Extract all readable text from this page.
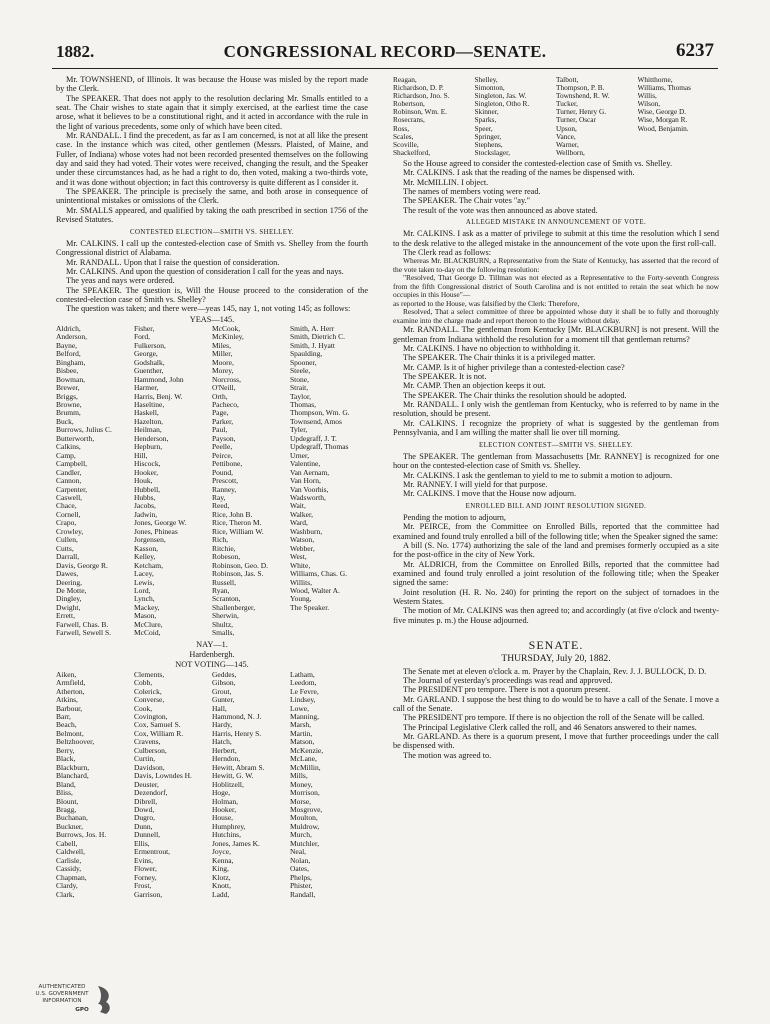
1882.	CONGRESSIONAL RECORD—SENATE.	6237

Mr. TOWNSHEND, of Illinois. It was because the House was misled by the report made by the Clerk.

The SPEAKER. That does not apply to the resolution declaring Mr. Smalls entitled to a seat. The Chair wishes to state again that it simply exercised, at the earliest time the case arose, what it believes to be a constitutional right, and it acted in accordance with the rule in the light of various precedents, some only of which have been cited.

Mr. RANDALL. I find the precedent, as far as I am concerned, is not at all like the present case. In the instance which was cited, other gentlemen (Messrs. Plaisted, of Maine, and Fuller, of Indiana) whose votes had not been recorded presented themselves on the following day and said they had voted. Their votes were received, changing the result, and the Speaker under these circumstances had, as he had a right to do, then voted, making a two-thirds vote, and it was done without objection; in fact this controversy is quite different as I consider it.

The SPEAKER. The principle is precisely the same, and both arose in consequence of unintentional mistakes or omissions of the Clerk.

Mr. SMALLS appeared, and qualified by taking the oath prescribed in section 1756 of the Revised Statutes.

CONTESTED ELECTION—SMITH VS. SHELLEY.

Mr. CALKINS. I call up the contested-election case of Smith vs. Shelley from the fourth Congressional district of Alabama.

Mr. RANDALL. Upon that I raise the question of consideration.

Mr. CALKINS. And upon the question of consideration I call for the yeas and nays.

The yeas and nays were ordered.

The SPEAKER. The question is, Will the House proceed to the consideration of the contested-election case of Smith vs. Shelley?

The question was taken; and there were—yeas 145, nay 1, not voting 145; as follows:

YEAS—145.

Aldrich,	Fisher,	McCook,	Smith, A. Herr
Anderson,	Ford,	McKinley,	Smith, Dietrich C.
Bayne,	Fulkerson,	Miles,	Smith, J. Hyatt
Belford,	George,	Miller,	Spaulding,
Bingham,	Godshalk,	Moore,	Spooner,
Bisbee,	Guenther,	Morey,	Steele,
Bowman,	Hammond, John	Norcross,	Stone,
Brewer,	Harmer,	O'Neill,	Strait,
Briggs,	Harris, Benj. W.	Orth,	Taylor,
Browne,	Haseltine,	Pacheco,	Thomas,
Brumm,	Haskell,	Page,	Thompson, Wm. G.
Buck,	Hazelton,	Parker,	Townsend, Amos
Burrows, Julius C.	Heilman,	Paul,	Tyler,
Butterworth,	Henderson,	Payson,	Updegraff, J. T.
Calkins,	Hepburn,	Peelle,	Updegraff, Thomas
Camp,	Hill,	Peirce,	Urner,
Campbell,	Hiscock,	Pettibone,	Valentine,
Candler,	Hooker,	Pound,	Van Aernam,
Cannon,	Houk,	Prescott,	Van Horn,
Carpenter,	Hubbell,	Ranney,	Van Voorhis,
Caswell,	Hubbs,	Ray,	Wadsworth,
Chace,	Jacobs,	Reed,	Wait,
Cornell,	Jadwin,	Rice, John B.	Walker,
Crapo,	Jones, George W.	Rice, Theron M.	Ward,
Crowley,	Jones, Phineas	Rice, William W.	Washburn,
Cullen,	Jorgensen,	Rich,	Watson,
Cutts,	Kasson,	Ritchie,	Webber,
Darrall,	Kelley,	Robeson,	West,
Davis, George R.	Ketcham,	Robinson, Geo. D.	White,
Dawes,	Lacey,	Robinson, Jas. S.	Williams, Chas. G.
Deering,	Lewis,	Russell,	Willits,
De Motte,	Lord,	Ryan,	Wood, Walter A.
Dingley,	Lynch,	Scranton,	Young,
Dwight,	Mackey,	Shallenberger,	The Speaker.
Errett,	Mason,	Sherwin,
Farwell, Chas. B.	McClure,	Shultz,
Farwell, Sewell S.	McCoid,	Smalls,

NAY—1.

Hardenbergh.

NOT VOTING—145.

Aiken,	Clements,	Geddes,	Latham,
Armfield,	Cobb,	Gibson,	Leedom,
Atherton,	Colerick,	Grout,	Le Fevre,
Atkins,	Converse,	Gunter,	Lindsey,
Barbour,	Cook,	Hall,	Lowe,
Barr,	Covington,	Hammond, N. J.	Manning,
Beach,	Cox, Samuel S.	Hardy,	Marsh,
Belmont,	Cox, William R.	Harris, Henry S.	Martin,
Beltzhoover,	Cravens,	Hatch,	Matson,
Berry,	Culberson,	Herbert,	McKenzie,
Black,	Curtin,	Herndon,	McLane,
Blackburn,	Davidson,	Hewitt, Abram S.	McMillin,
Blanchard,	Davis, Lowndes H.	Hewitt, G. W.	Mills,
Bland,	Deuster,	Hoblitzell,	Money,
Bliss,	Dezendorf,	Hoge,	Morrison,
Blount,	Dibrell,	Holman,	Morse,
Bragg,	Dowd,	Hooker,	Mosgrove,
Buchanan,	Dugro,	House,	Moulton,
Buckner,	Dunn,	Humphrey,	Muldrow,
Burrows, Jos. H.	Dunnell,	Hutchins,	Murch,
Cabell,	Ellis,	Jones, James K.	Mutchler,
Caldwell,	Ermentrout,	Joyce,	Neal,
Carlisle,	Evins,	Kenna,	Nolan,
Cassidy,	Flower,	King,	Oates,
Chapman,	Forney,	Klotz,	Phelps,
Clardy,	Frost,	Knott,	Phister,
Clark,	Garrison,	Ladd,	Randall,
Reagan,	Shelley,	Talbott,	Whitthorne,
Richardson, D. P.	Simonton,	Thompson, P. B.	Williams, Thomas
Richardson, Jno. S.	Singleton, Jas. W.	Townshend, R. W.	Willis,
Robertson,	Singleton, Otho R.	Tucker,	Wilson,
Robinson, Wm. E.	Skinner,	Turner, Henry G.	Wise, George D.
Rosecrans,	Sparks,	Turner, Oscar	Wise, Morgan R.
Ross,	Speer,	Upson,	Wood, Benjamin.
Scales,	Springer,	Vance,
Scoville,	Stephens,	Warner,
Shackelford,	Stockslager,	Wellborn,

So the House agreed to consider the contested-election case of Smith vs. Shelley.

Mr. CALKINS. I ask that the reading of the names be dispensed with.

Mr. McMILLIN. I object.

The names of members voting were read.

The SPEAKER. The Chair votes "ay."

The result of the vote was then announced as above stated.

ALLEGED MISTAKE IN ANNOUNCEMENT OF VOTE.

Mr. CALKINS. I ask as a matter of privilege to submit at this time the resolution which I send to the desk relative to the alleged mistake in the announcement of the vote upon the first roll-call.

The Clerk read as follows:

Whereas Mr. BLACKBURN, a Representative from the State of Kentucky, has asserted that the record of the vote taken to-day on the following resolution:

"Resolved, That George D. Tillman was not elected as a Representative to the Forty-seventh Congress from the fifth Congressional district of South Carolina and is not entitled to retain the seat which he now occupies in this House"—

as reported to the House, was falsified by the Clerk: Therefore,

Resolved, That a select committee of three be appointed whose duty it shall be to fully and thoroughly examine into the charge made and report thereon to the House without delay.

Mr. RANDALL. The gentleman from Kentucky [Mr. BLACKBURN] is not present. Will the gentleman from Indiana withhold the resolution for a moment till that gentleman returns?

Mr. CALKINS. I have no objection to withholding it.

The SPEAKER. The Chair thinks it is a privileged matter.

Mr. CAMP. Is it of higher privilege than a contested-election case?

The SPEAKER. It is not.

Mr. CAMP. Then an objection keeps it out.

The SPEAKER. The Chair thinks the resolution should be adopted.

Mr. RANDALL. I only wish the gentleman from Kentucky, who is referred to by name in the resolution, should be present.

Mr. CALKINS. I recognize the propriety of what is suggested by the gentleman from Pennsylvania, and I am willing the matter shall lie over till morning.

ELECTION CONTEST—SMITH VS. SHELLEY.

The SPEAKER. The gentleman from Massachusetts [Mr. RANNEY] is recognized for one hour on the contested-election case of Smith vs. Shelley.

Mr. CALKINS. I ask the gentleman to yield to me to submit a motion to adjourn.

Mr. RANNEY. I will yield for that purpose.

Mr. CALKINS. I move that the House now adjourn.

ENROLLED BILL AND JOINT RESOLUTION SIGNED.

Pending the motion to adjourn,

Mr. PEIRCE, from the Committee on Enrolled Bills, reported that the committee had examined and found truly enrolled a bill of the following title; when the Speaker signed the same:

A bill (S. No. 1774) authorizing the sale of the land and premises formerly occupied as a site for the post-office in the city of New York.

Mr. ALDRICH, from the Committee on Enrolled Bills, reported that the committee had examined and found truly enrolled a joint resolution of the following title; when the Speaker signed the same:

Joint resolution (H. R. No. 240) for printing the report on the subject of tornadoes in the Western States.

The motion of Mr. CALKINS was then agreed to; and accordingly (at five o'clock and twenty-five minutes p. m.) the House adjourned.

SENATE.
THURSDAY, July 20, 1882.

The Senate met at eleven o'clock a. m. Prayer by the Chaplain, Rev. J. J. BULLOCK, D. D.

The Journal of yesterday's proceedings was read and approved.

The PRESIDENT pro tempore. There is not a quorum present.

Mr. GARLAND. I suppose the best thing to do would be to have a call of the Senate. I move a call of the Senate.

The PRESIDENT pro tempore. If there is no objection the roll of the Senate will be called.

The Principal Legislative Clerk called the roll, and 46 Senators answered to their names.

Mr. GARLAND. As there is a quorum present, I move that further proceedings under the call be dispensed with.

The motion was agreed to.

AUTHENTICATED
U.S. GOVERNMENT
INFORMATION
GPO
